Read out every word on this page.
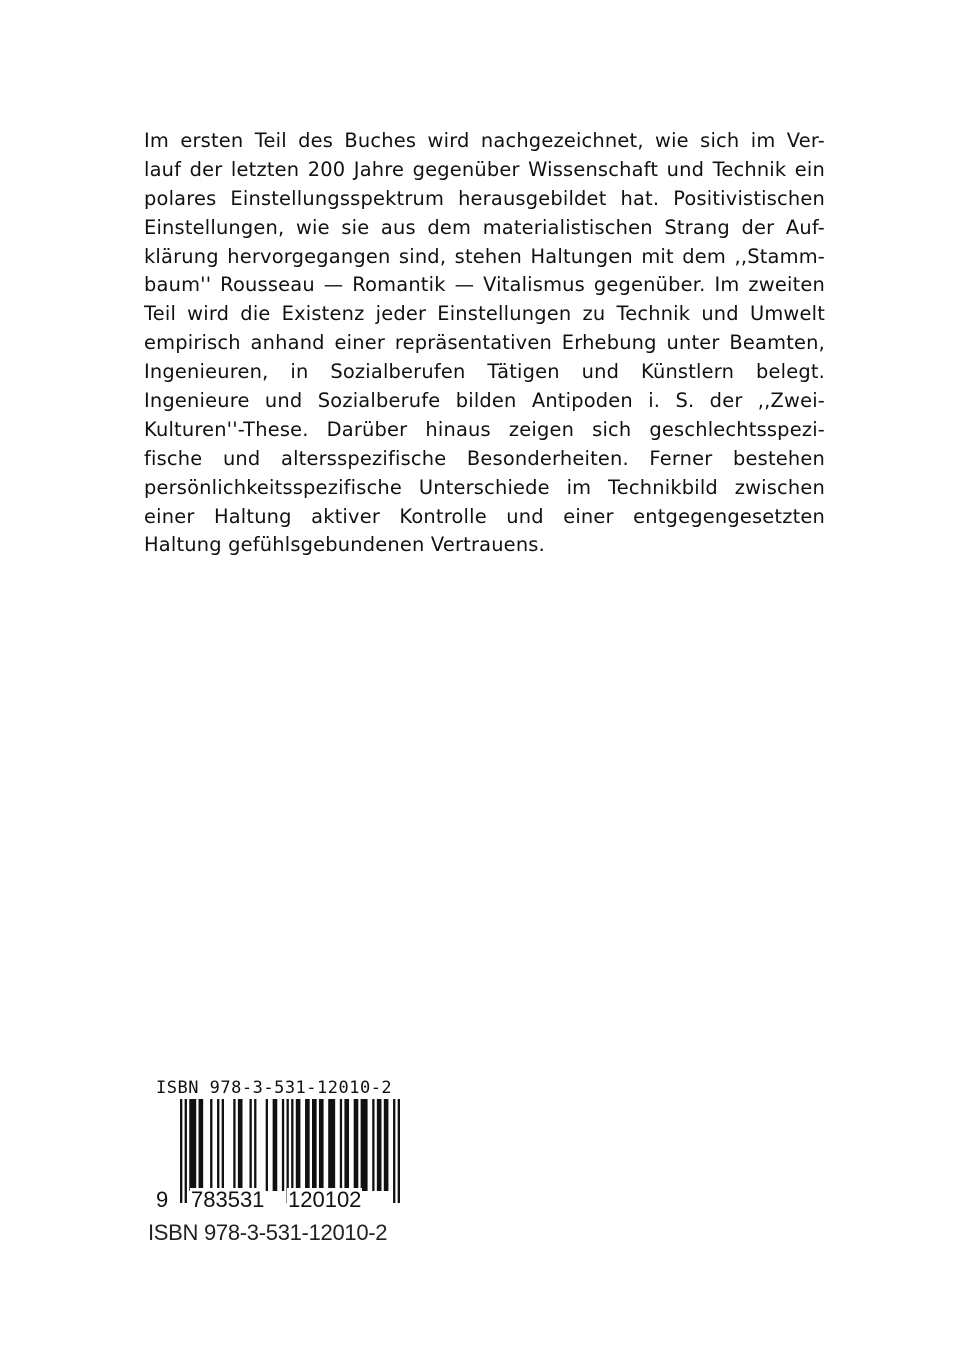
Im ersten Teil des Buches wird nachgezeichnet, wie sich im Ver-
lauf der letzten 200 Jahre gegenüber Wissenschaft und Technik ein
polares Einstellungsspektrum herausgebildet hat. Positivistischen
Einstellungen, wie sie aus dem materialistischen Strang der Auf-
klärung hervorgegangen sind, stehen Haltungen mit dem ,,Stamm-
baum'' Rousseau — Romantik — Vitalismus gegenüber. Im zweiten
Teil wird die Existenz jeder Einstellungen zu Technik und Umwelt
empirisch anhand einer repräsentativen Erhebung unter Beamten,
Ingenieuren, in Sozialberufen Tätigen und Künstlern belegt.
Ingenieure und Sozialberufe bilden Antipoden i. S. der ,,Zwei-
Kulturen''-These. Darüber hinaus zeigen sich geschlechtsspezi-
fische und altersspezifische Besonderheiten. Ferner bestehen
persönlichkeitsspezifische Unterschiede im Technikbild zwischen
einer Haltung aktiver Kontrolle und einer entgegengesetzten
Haltung gefühlsgebundenen Vertrauens.
ISBN 978-3-531-12010-2
9 783531 120102
ISBN 978-3-531-12010-2
